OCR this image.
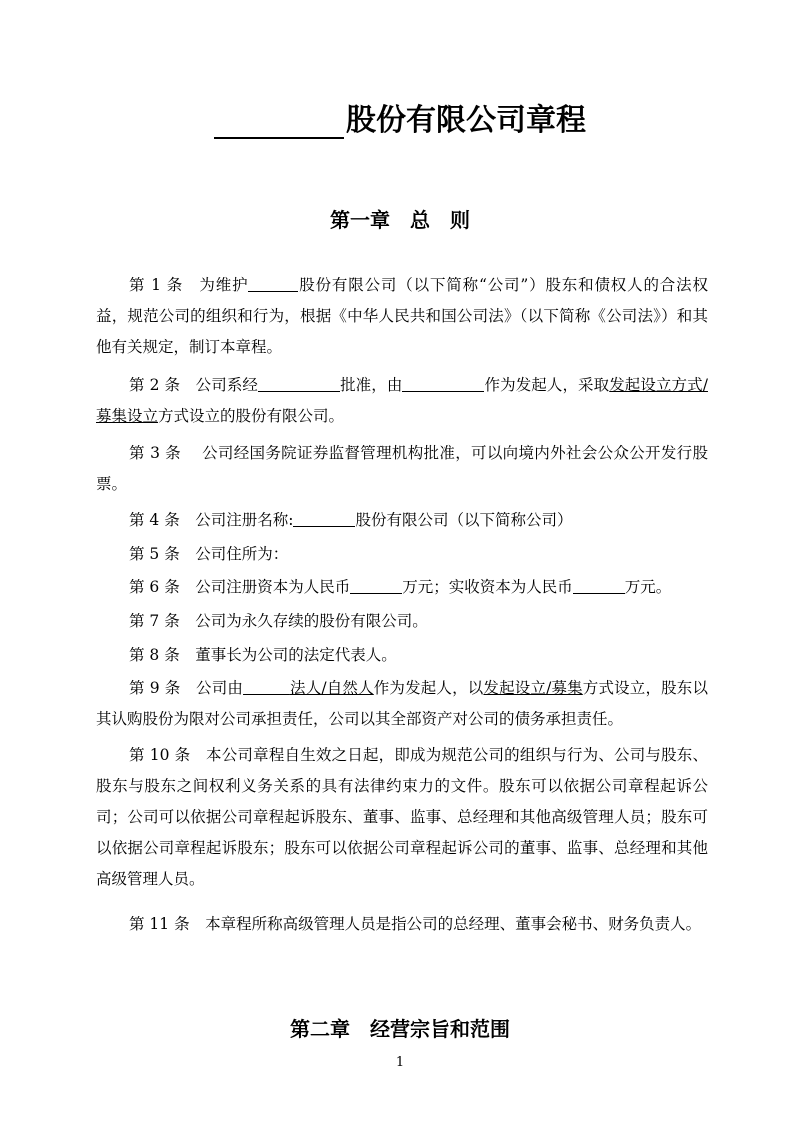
股份有限公司章程
第一章　总　则

第 1 条　 为维护	股份有限公司（以下简称“公司”）股东和债权人的合法权益，规范公司的组织和行为，根据《中华人民共和国公司法》（以下简称《公司法》）和其他有关规定，制订本章程。

第 2 条　 公司系经	批准，由	作为发起人，采取发起设立方式/募集设立方式设立的股份有限公司。

第 3 条　 公司经国务院证券监督管理机构批准，可以向境内外社会公众公开发行股票。

第 4 条　 公司注册名称:	股份有限公司（以下简称公司）

第 5 条　 公司住所为：

第 6 条　 公司注册资本为人民币	万元；实收资本为人民币	万元。

第 7 条　 公司为永久存续的股份有限公司。

第 8 条　 董事长为公司的法定代表人。

第 9 条　 公司由　　 	法人/自然人作为发起人，以发起设立/募集方式设立，股东以其认购股份为限对公司承担责任，公司以其全部资产对公司的债务承担责任。

第 10 条　 本公司章程自生效之日起，即成为规范公司的组织与行为、公司与股东、股东与股东之间权利义务关系的具有法律约束力的文件。股东可以依据公司章程起诉公司；公司可以依据公司章程起诉股东、董事、监事、总经理和其他高级管理人员；股东可以依据公司章程起诉股东；股东可以依据公司章程起诉公司的董事、监事、总经理和其他高级管理人员。

第 11 条　 本章程所称高级管理人员是指公司的总经理、董事会秘书、财务负责人。

第二章　经营宗旨和范围
1
